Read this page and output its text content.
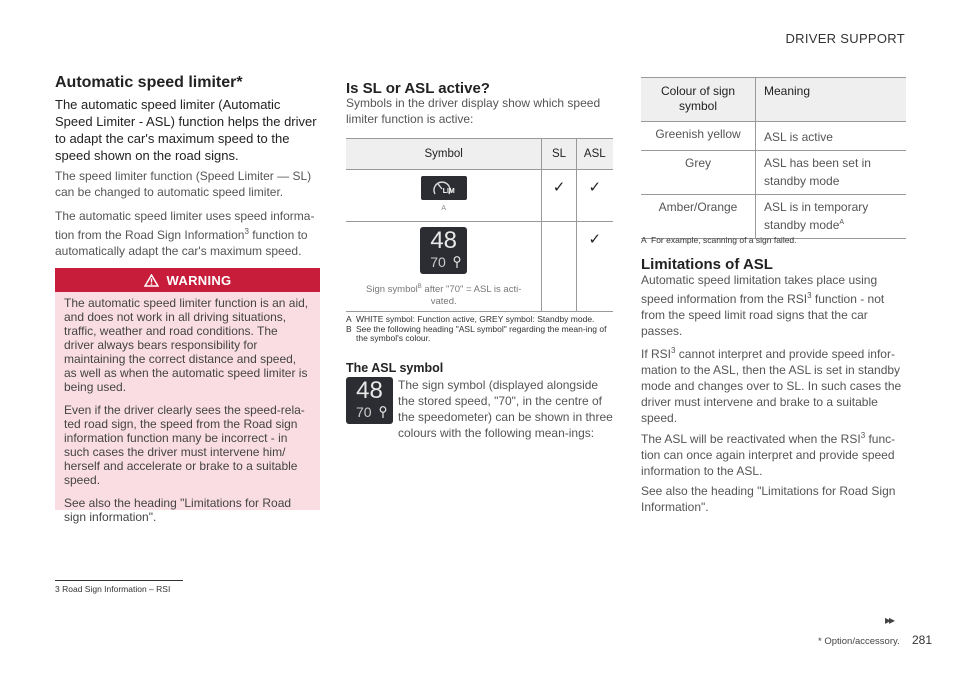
DRIVER SUPPORT
Automatic speed limiter*
The automatic speed limiter (Automatic Speed Limiter - ASL) function helps the driver to adapt the car's maximum speed to the speed shown on the road signs.
The speed limiter function (Speed Limiter — SL) can be changed to automatic speed limiter.
The automatic speed limiter uses speed informa-tion from the Road Sign Information$^3$ function to automatically adapt the car's maximum speed.
WARNING

The automatic speed limiter function is an aid, and does not work in all driving situations, traffic, weather and road conditions. The driver always bears responsibility for maintaining the correct distance and speed, as well as when the automatic speed limiter is being used.

Even if the driver clearly sees the speed-rela-ted road sign, the speed from the Road sign information function many be incorrect - in such cases the driver must intervene him/ herself and accelerate or brake to a suitable speed.

See also the heading "Limitations for Road sign information".

Is SL or ASL active?
Symbols in the driver display show which speed limiter function is active:
Symbol	SL	ASL

LIM
A	✓	✓

48
70
Sign symbol$^B$ after "70" = ASL is acti-vated.		✓
A WHITE symbol: Function active, GREY symbol: Standby mode.
B See the following heading "ASL symbol" regarding the mean-ing of the symbol's colour.
The ASL symbol
48
70
The sign symbol (displayed alongside the stored speed, "70", in the centre of the speedometer) can be shown in three colours with the following mean-ings:
Colour of sign symbol	Meaning
Greenish yellow	ASL is active
Grey	ASL has been set in standby mode
Amber/Orange	ASL is in temporary standby mode$^A$
A For example, scanning of a sign failed.
Limitations of ASL
Automatic speed limitation takes place using speed information from the RSI$^3$ function - not from the speed limit road signs that the car passes.
If RSI$^3$ cannot interpret and provide speed infor-mation to the ASL, then the ASL is set in standby mode and changes over to SL. In such cases the driver must intervene and brake to a suitable speed.
The ASL will be reactivated when the RSI$^3$ func-tion can once again interpret and provide speed information to the ASL.
See also the heading "Limitations for Road Sign Information".
3 Road Sign Information – RSI
▸▸
* Option/accessory. 281
